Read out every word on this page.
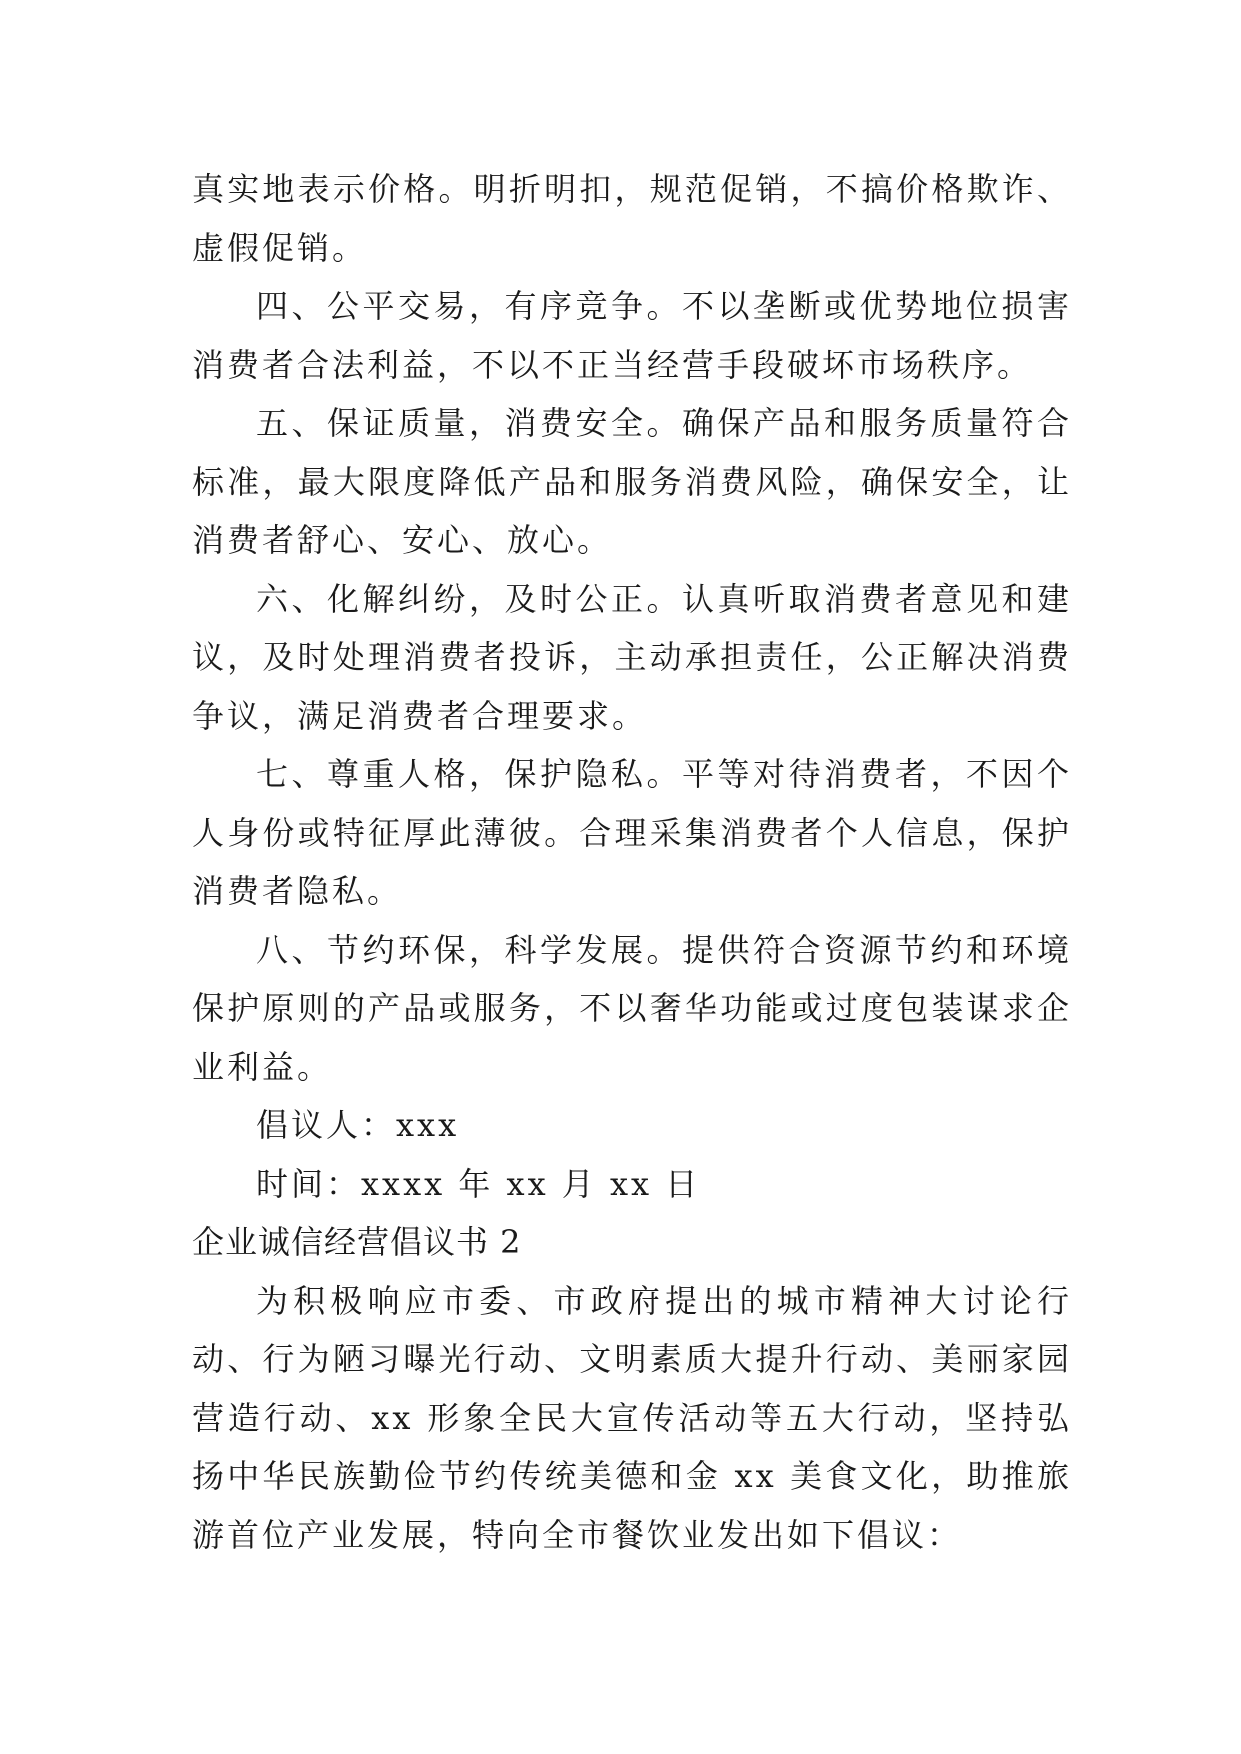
真实地表示价格。明折明扣，规范促销，不搞价格欺诈、虚假促销。

四、公平交易，有序竞争。不以垄断或优势地位损害消费者合法利益，不以不正当经营手段破坏市场秩序。

五、保证质量，消费安全。确保产品和服务质量符合标准，最大限度降低产品和服务消费风险，确保安全，让消费者舒心、安心、放心。

六、化解纠纷，及时公正。认真听取消费者意见和建议，及时处理消费者投诉，主动承担责任，公正解决消费争议，满足消费者合理要求。

七、尊重人格，保护隐私。平等对待消费者，不因个人身份或特征厚此薄彼。合理采集消费者个人信息，保护消费者隐私。

八、节约环保，科学发展。提供符合资源节约和环境保护原则的产品或服务，不以奢华功能或过度包装谋求企业利益。

倡议人：xxx

时间：xxxx 年 xx 月 xx 日

企业诚信经营倡议书 2

为积极响应市委、市政府提出的城市精神大讨论行动、行为陋习曝光行动、文明素质大提升行动、美丽家园营造行动、xx 形象全民大宣传活动等五大行动，坚持弘扬中华民族勤俭节约传统美德和金 xx 美食文化，助推旅游首位产业发展，特向全市餐饮业发出如下倡议：
